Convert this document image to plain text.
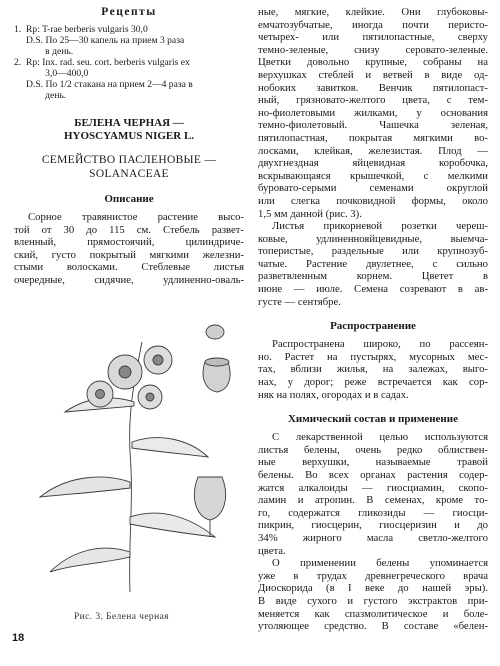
Рецепты
1.  Rp: T-rae berberis vulgaris 30,0
D.S. По 25—30 капель на прием 3 раза
в день.
2.  Rp: Inx. rad. seu. cort. berberis vulgaris ex
3,0—400,0
D.S. По 1/2 стакана на прием 2—4 раза в
день.
БЕЛЕНА ЧЕРНАЯ —
HYOSCYAMUS NIGER L.
СЕМЕЙСТВО ПАСЛЕНОВЫЕ —
SOLANACEAE
Описание
Сорное травянистое растение высо-
той от 30 до 115 см. Стебель развет-
вленный, прямостоячий, цилиндриче-
ский, густо покрытый мягкими железни-
стыми волосками. Стеблевые листья
очередные, сидячие, удлиненно-оваль-
Рис. 3. Белена черная
18
ные, мягкие, клейкие. Они глубоковы-
емчатозубчатые, иногда почти перисто-
четырех- или пятилопастные, сверху
темно-зеленые, снизу серовато-зеленые.
Цветки довольно крупные, собраны на
верхушках стеблей и ветвей в виде од-
нобоких завитков. Венчик пятилопаст-
ный, грязновато-желтого цвета, с тем-
но-фиолетовыми жилками, у основания
темно-фиолетовый. Чашечка зеленая,
пятилопастная, покрытая мягкими во-
лосками, клейкая, железистая. Плод —
двухгнездная яйцевидная коробочка,
вскрывающаяся крышечкой, с мелкими
буровато-серыми семенами округлой
или слегка почковидной формы, около
1,5 мм данной (рис. 3).
Листья прикорневой розетки череш-
ковые, удлиненнояйцевидные, выемча-
топеристые, раздельные или крупнозуб-
чатые. Растение двулетнее, с сильно
разветвленным корнем. Цветет в
июне — июле. Семена созревают в ав-
густе — сентябре.
Распространение
Распространена широко, по рассеян-
но. Растет на пустырях, мусорных мес-
тах, вблизи жилья, на залежах, выго-
нах, у дорог; реже встречается как сор-
няк на полях, огородах и в садах.
Химический состав и применение
С лекарственной целью используются
листья белены, очень редко облиствен-
ные верхушки, называемые травой
белены. Во всех органах растения содер-
жатся алкалоиды — гиосциамин, скопо-
ламин и атропин. В семенах, кроме то-
го, содержатся гликозиды — гиосци-
пикрин, гиосцерин, гиосцеризин и до
34% жирного масла светло-желтого
цвета.
О применении белены упоминается
уже в трудах древнегреческого врача
Диоскорида (в I веке до нашей эры).
В виде сухого и густого экстрактов при-
меняется как спазмолитическое и боле-
утоляющее средство. В составе «белен-
